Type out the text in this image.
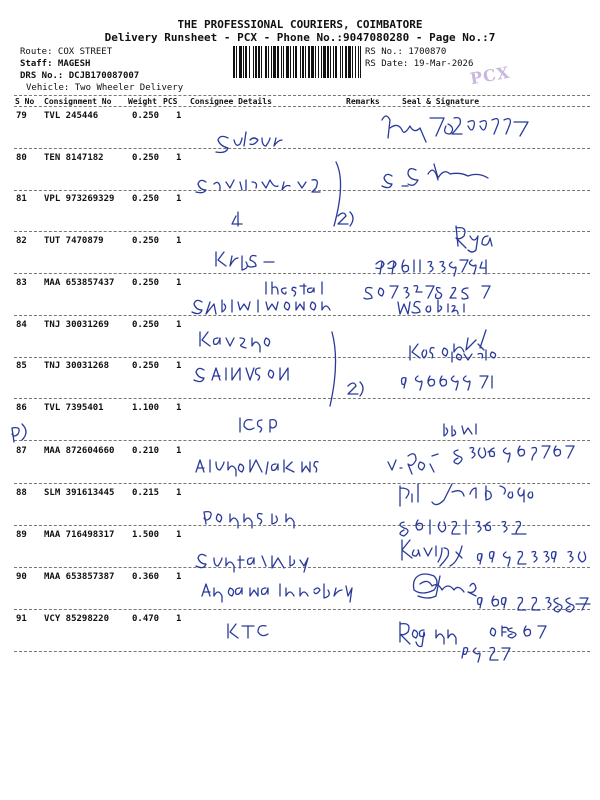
THE PROFESSIONAL COURIERS, COIMBATORE
Delivery Runsheet - PCX - Phone No.:9047080280 - Page No.:7
Route: COX STREET
Staff: MAGESH
DRS No.: DCJB170087007
Vehicle: Two Wheeler Delivery
RS No.: 1700870
RS Date: 19-Mar-2026
PCX
S No Consignment No Weight PCS Consignee Details	Remarks	Seal & Signature
79 TVL 245446	0.250 1
80 TEN 8147182	0.250 1
81 VPL 973269329 0.250 1
82 TUT 7470879	0.250 1
83 MAA 653857437 0.250 1
84 TNJ 30031269	0.250 1
85 TNJ 30031268	0.250 1
86 TVL 7395401	1.100 1
87 MAA 872604660 0.210 1
88 SLM 391613445 0.215 1
89 MAA 716498317 1.500 1
90 MAA 653857387 0.360 1
91 VCY 85298220	0.470 1
